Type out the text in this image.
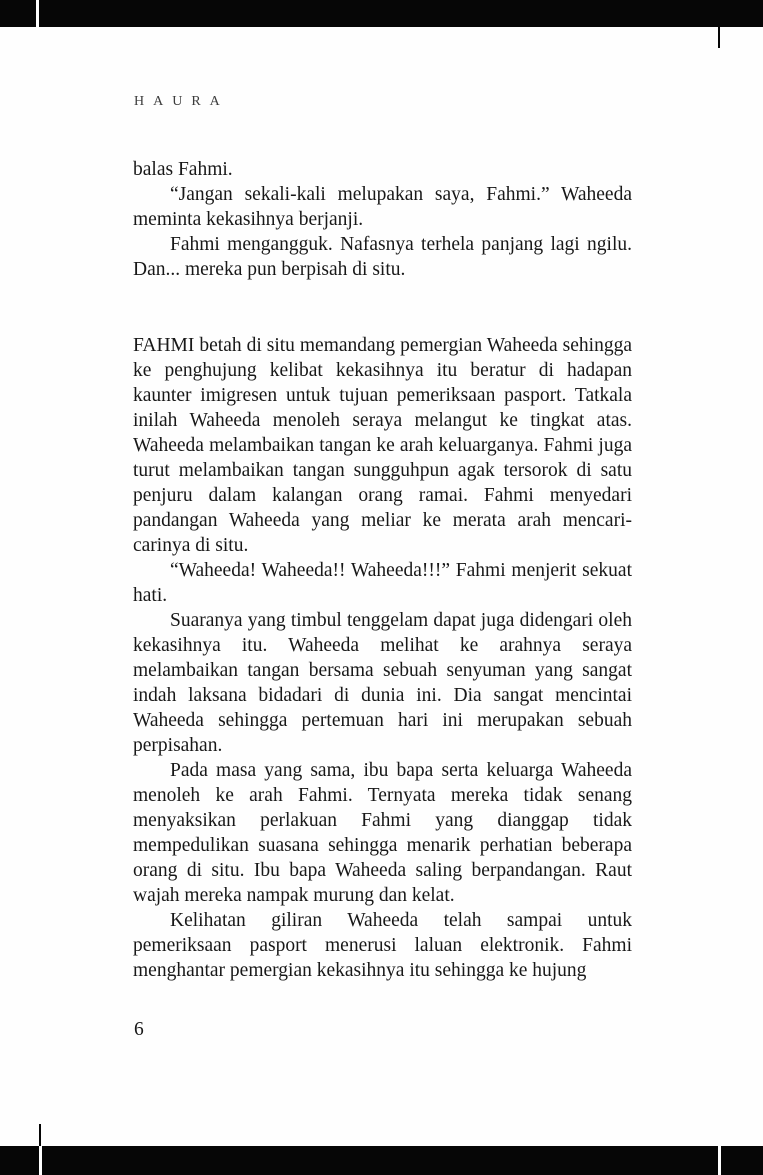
HAURA

balas Fahmi.

“Jangan sekali-kali melupakan saya, Fahmi.” Waheeda meminta kekasihnya berjanji.

Fahmi mengangguk. Nafasnya terhela panjang lagi ngilu. Dan... mereka pun berpisah di situ.

FAHMI betah di situ memandang pemergian Waheeda sehingga ke penghujung kelibat kekasihnya itu beratur di hadapan kaunter imigresen untuk tujuan pemeriksaan pasport. Tatkala inilah Waheeda menoleh seraya melangut ke tingkat atas. Waheeda melambaikan tangan ke arah keluarganya. Fahmi juga turut melambaikan tangan sungguhpun agak tersorok di satu penjuru dalam kalangan orang ramai. Fahmi menyedari pandangan Waheeda yang meliar ke merata arah mencari-carinya di situ.

“Waheeda! Waheeda!! Waheeda!!!” Fahmi menjerit sekuat hati.

Suaranya yang timbul tenggelam dapat juga didengari oleh kekasihnya itu. Waheeda melihat ke arahnya seraya melambaikan tangan bersama sebuah senyuman yang sangat indah laksana bidadari di dunia ini. Dia sangat mencintai Waheeda sehingga pertemuan hari ini merupakan sebuah perpisahan.

Pada masa yang sama, ibu bapa serta keluarga Waheeda menoleh ke arah Fahmi. Ternyata mereka tidak senang menyaksikan perlakuan Fahmi yang dianggap tidak mempedulikan suasana sehingga menarik perhatian beberapa orang di situ. Ibu bapa Waheeda saling berpandangan. Raut wajah mereka nampak murung dan kelat.

Kelihatan giliran Waheeda telah sampai untuk pemeriksaan pasport menerusi laluan elektronik. Fahmi menghantar pemergian kekasihnya itu sehingga ke hujung

6
